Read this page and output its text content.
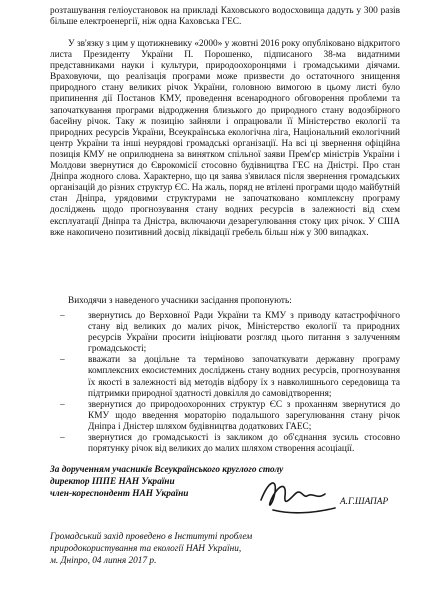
розташування геліоустановок на прикладі Каховського водосховища дадуть у 300 разів більше електроенергії, ніж одна Каховська ГЕС.

У зв'язку з цим у щотижневику «2000» у жовтні 2016 року опубліковано відкритого листа Президенту України П. Порошенко, підписаного 38-ма видатними представниками науки і культури, природоохоронцями і громадськими діячами. Враховуючи, що реалізація програми може призвести до остаточного знищення природного стану великих річок України, головною вимогою в цьому листі було припинення дії Постанов КМУ, проведення всенародного обговорення проблеми та започаткування програми відродження близького до природного стану водозбірного басейну річок. Таку ж позицію зайняли і опрацювали її Міністерство екології та природних ресурсів України, Всеукраїнська екологічна ліга, Національний екологічний центр України та інші неурядові громадські організації. На всі ці звернення офіційна позиція КМУ не оприлюднена за винятком спільної заяви Прем'єр міністрів України і Молдови звернутися до Єврокомісії стосовно будівництва ГЕС на Дністрі. Про стан Дніпра жодного слова. Характерно, що ця заява з'явилася після звернення громадських організацій до різних структур ЄС. На жаль, поряд не втілені програми щодо майбутній стан Дніпра, урядовими структурами не започатковано комплексну програму досліджень щодо прогнозування стану водних ресурсів в залежності від схем експлуатації Дніпра та Дністра, включаючи дезарегулювання стоку цих річок. У США вже накопичено позитивний досвід ліквідації гребель більш ніж у 300 випадках.

Виходячи з наведеного учасники засідання пропонують:

–	звернутись до Верховної Ради України та КМУ з приводу катастрофічного стану від великих до малих річок, Міністерство екології та природних ресурсів України просити ініціювати розгляд цього питання з залученням громадськості;
–	вважати за доцільне та терміново започаткувати державну програму комплексних екосистемних досліджень стану водних ресурсів, прогнозування їх якості в залежності від методів відбору їх з навколишнього середовища та підтримки природної здатності довкілля до самовідтворення;
–	звернутися до природоохоронних структур ЄС з проханням звернутися до КМУ щодо введення мораторію подальшого зарегулювання стану річок Дніпра і Дністер шляхом будівництва додаткових ГАЕС;
–	звернутися до громадськості із закликом до об'єднання зусиль стосовно порятунку річок від великих до малих шляхом створення асоціації.

За дорученням учасників Всеукраїнського круглого столу

директор ІППЕ НАН України

член-кореспондент НАН України

А.Г.ШАПАР

Громадський захід проведено в Інституті проблем

природокористування та екології НАН України,

м. Дніпро, 04 липня 2017 р.
